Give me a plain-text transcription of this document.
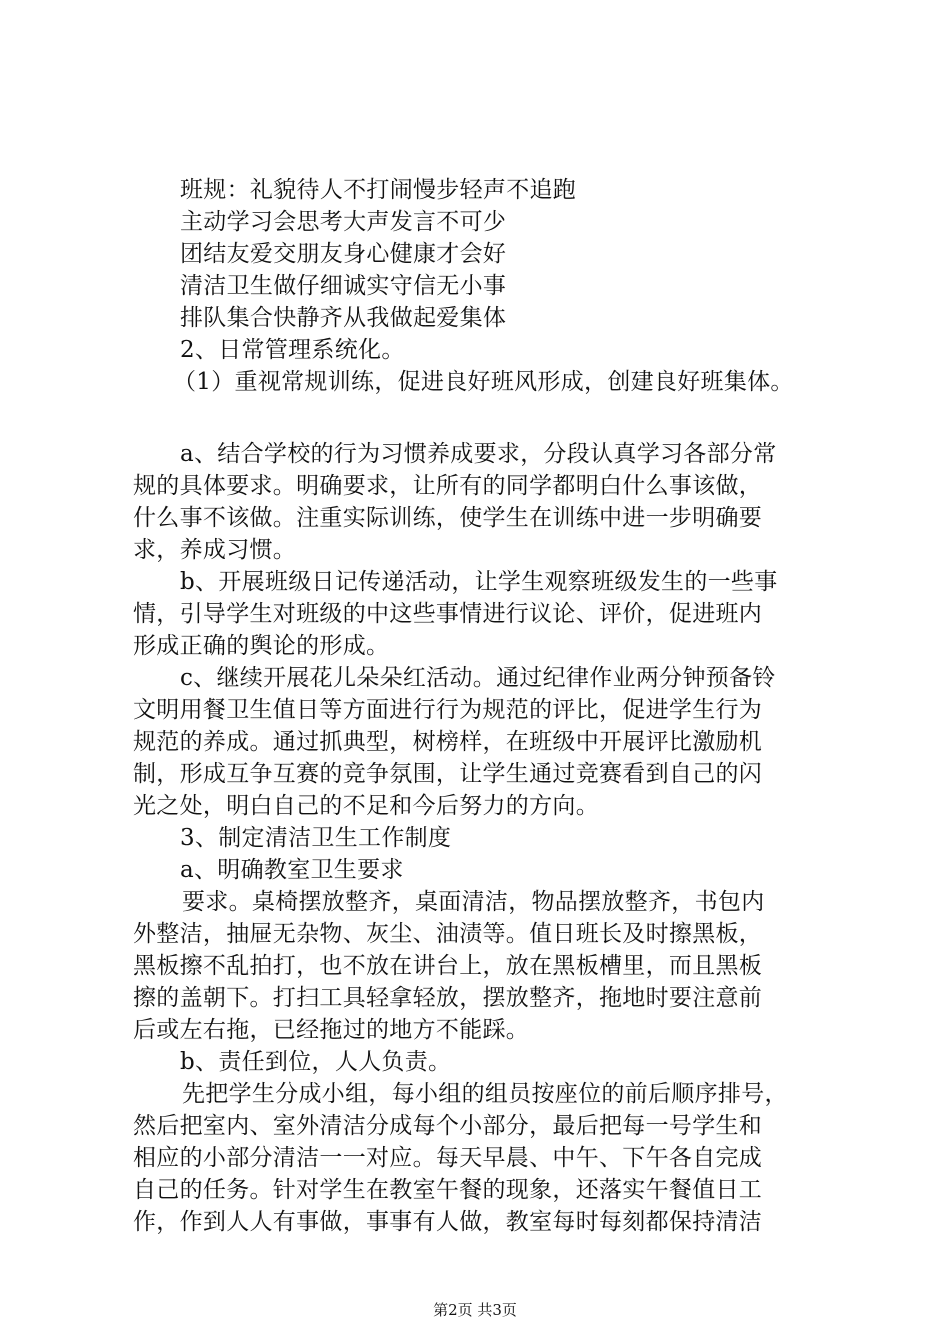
班规：礼貌待人不打闹慢步轻声不追跑
主动学习会思考大声发言不可少
团结友爱交朋友身心健康才会好
清洁卫生做仔细诚实守信无小事
排队集合快静齐从我做起爱集体
2、日常管理系统化。
（1）重视常规训练，促进良好班风形成，创建良好班集体。
a、结合学校的行为习惯养成要求，分段认真学习各部分常
规的具体要求。明确要求，让所有的同学都明白什么事该做，
什么事不该做。注重实际训练，使学生在训练中进一步明确要
求，养成习惯。
b、开展班级日记传递活动，让学生观察班级发生的一些事
情，引导学生对班级的中这些事情进行议论、评价，促进班内
形成正确的舆论的形成。
c、继续开展花儿朵朵红活动。通过纪律作业两分钟预备铃
文明用餐卫生值日等方面进行行为规范的评比，促进学生行为
规范的养成。通过抓典型，树榜样，在班级中开展评比激励机
制，形成互争互赛的竞争氛围，让学生通过竞赛看到自己的闪
光之处，明白自己的不足和今后努力的方向。
3、制定清洁卫生工作制度
a、明确教室卫生要求
要求。桌椅摆放整齐，桌面清洁，物品摆放整齐，书包内
外整洁，抽屉无杂物、灰尘、油渍等。值日班长及时擦黑板，
黑板擦不乱拍打，也不放在讲台上，放在黑板槽里，而且黑板
擦的盖朝下。打扫工具轻拿轻放，摆放整齐，拖地时要注意前
后或左右拖，已经拖过的地方不能踩。
b、责任到位，人人负责。
先把学生分成小组，每小组的组员按座位的前后顺序排号，
然后把室内、室外清洁分成每个小部分，最后把每一号学生和
相应的小部分清洁一一对应。每天早晨、中午、下午各自完成
自己的任务。针对学生在教室午餐的现象，还落实午餐值日工
作，作到人人有事做，事事有人做，教室每时每刻都保持清洁
第2页 共3页
